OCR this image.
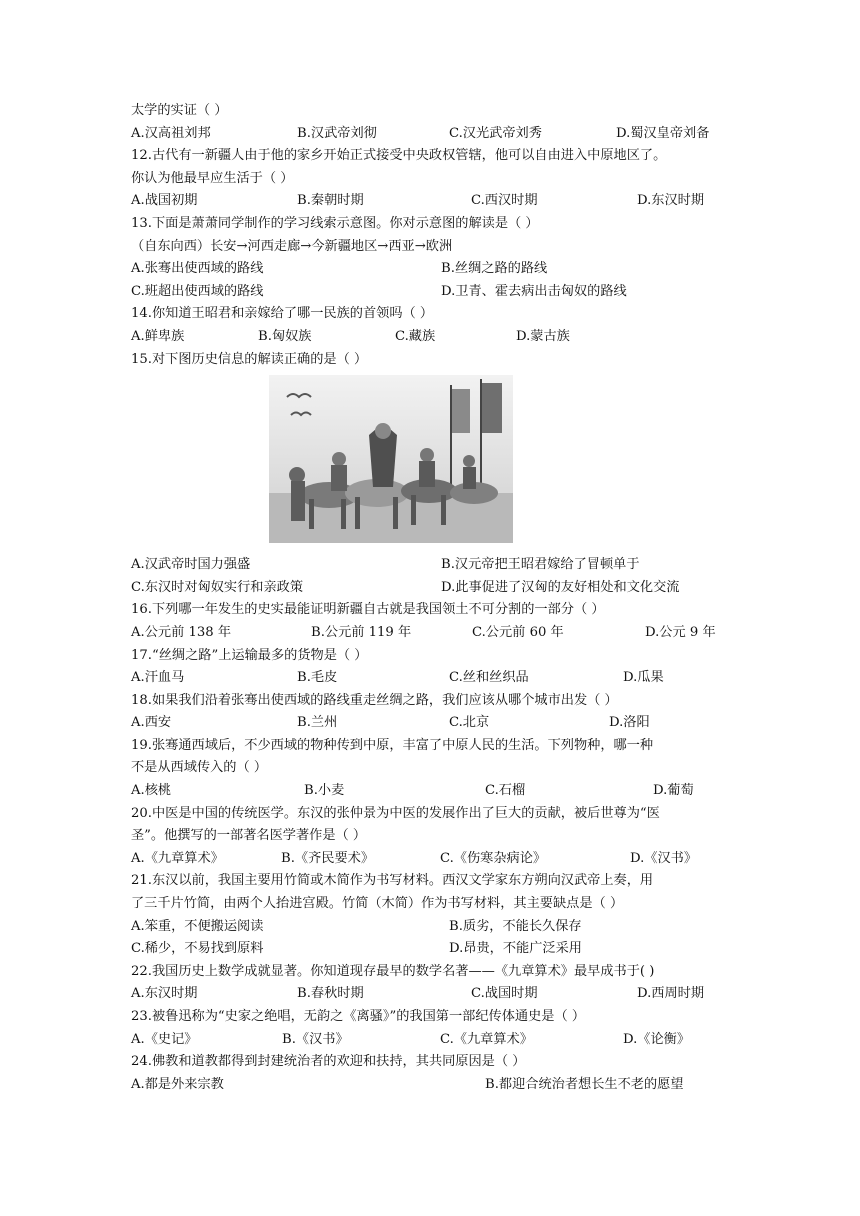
太学的实证（ ）
A.汉高祖刘邦	B.汉武帝刘彻	C.汉光武帝刘秀	D.蜀汉皇帝刘备
12.古代有一新疆人由于他的家乡开始正式接受中央政权管辖，他可以自由进入中原地区了。
你认为他最早应生活于（ ）
A.战国初期	B.秦朝时期	C.西汉时期	D.东汉时期
13.下面是萧萧同学制作的学习线索示意图。你对示意图的解读是（ ）
（自东向西）长安→河西走廊→今新疆地区→西亚→欧洲
A.张骞出使西域的路线	B.丝绸之路的路线
C.班超出使西域的路线	D.卫青、霍去病出击匈奴的路线
14.你知道王昭君和亲嫁给了哪一民族的首领吗（ ）
A.鲜卑族	B.匈奴族	C.藏族	D.蒙古族
15.对下图历史信息的解读正确的是（ ）
A.汉武帝时国力强盛	B.汉元帝把王昭君嫁给了冒顿单于
C.东汉时对匈奴实行和亲政策	D.此事促进了汉匈的友好相处和文化交流
16.下列哪一年发生的史实最能证明新疆自古就是我国领土不可分割的一部分（ ）
A.公元前 138 年	B.公元前 119 年	C.公元前 60 年	D.公元 9 年
17.“丝绸之路”上运输最多的货物是（ ）
A.汗血马	B.毛皮	C.丝和丝织品	D.瓜果
18.如果我们沿着张骞出使西域的路线重走丝绸之路，我们应该从哪个城市出发（ ）
A.西安	B.兰州	C.北京	D.洛阳
19.张骞通西域后，不少西域的物种传到中原，丰富了中原人民的生活。下列物种，哪一种
不是从西域传入的（ ）
A.核桃	B.小麦	C.石榴	D.葡萄
20.中医是中国的传统医学。东汉的张仲景为中医的发展作出了巨大的贡献，被后世尊为“医
圣”。他撰写的一部著名医学著作是（ ）
A.《九章算术》	B.《齐民要术》	C.《伤寒杂病论》	D.《汉书》
21.东汉以前，我国主要用竹简或木简作为书写材料。西汉文学家东方朔向汉武帝上奏，用
了三千片竹简，由两个人抬进宫殿。竹简（木简）作为书写材料，其主要缺点是（ ）
A.笨重，不便搬运阅读	B.质劣，不能长久保存
C.稀少，不易找到原料	D.昂贵，不能广泛采用
22.我国历史上数学成就显著。你知道现存最早的数学名著——《九章算术》最早成书于( )
A.东汉时期	B.春秋时期	C.战国时期	D.西周时期
23.被鲁迅称为“史家之绝唱，无韵之《离骚》”的我国第一部纪传体通史是（ ）
A.《史记》	B.《汉书》	C.《九章算术》	D.《论衡》
24.佛教和道教都得到封建统治者的欢迎和扶持，其共同原因是（ ）
A.都是外来宗教	B.都迎合统治者想长生不老的愿望
